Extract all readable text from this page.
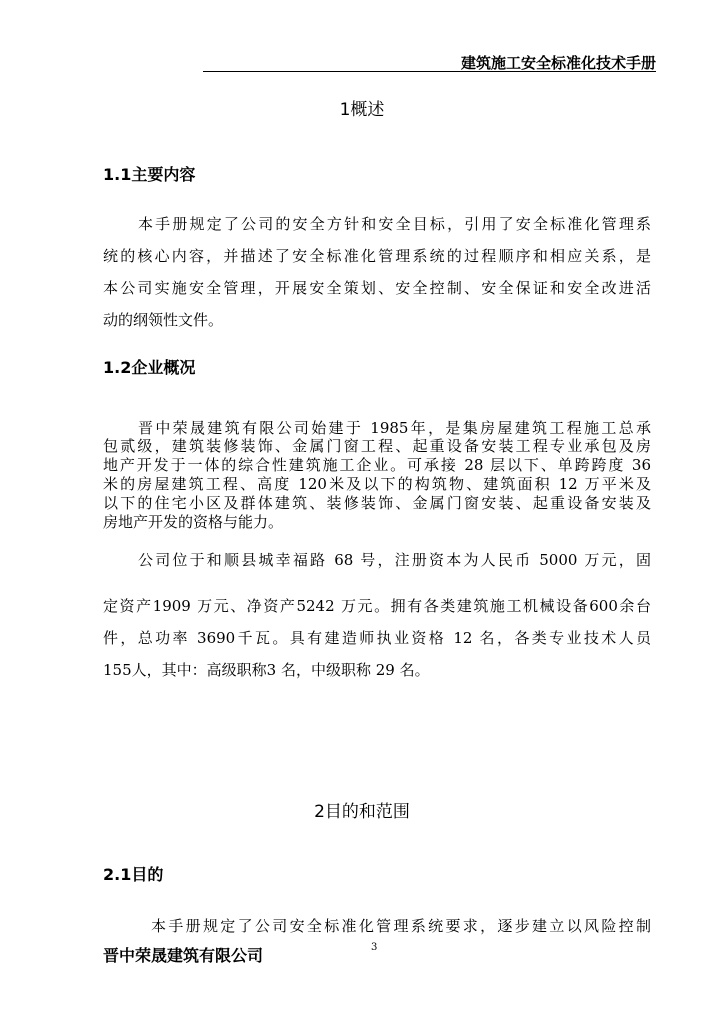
建筑施工安全标准化技术手册
1概述
1.1主要内容
本手册规定了公司的安全方针和安全目标，引用了安全标准化管理系
统的核心内容，并描述了安全标准化管理系统的过程顺序和相应关系，是
本公司实施安全管理，开展安全策划、安全控制、安全保证和安全改进活
动的纲领性文件。
1.2企业概况
晋中荣晟建筑有限公司始建于 1985年，是集房屋建筑工程施工总承
包贰级，建筑装修装饰、金属门窗工程、起重设备安装工程专业承包及房
地产开发于一体的综合性建筑施工企业。可承接 28 层以下、单跨跨度 36
米的房屋建筑工程、高度 120米及以下的构筑物、建筑面积 12 万平米及
以下的住宅小区及群体建筑、装修装饰、金属门窗安装、起重设备安装及
房地产开发的资格与能力。
公司位于和顺县城幸福路 68 号，注册资本为人民币 5000 万元，固
定资产1909 万元、净资产5242 万元。拥有各类建筑施工机械设备600余台
件，总功率 3690千瓦。具有建造师执业资格 12 名，各类专业技术人员
155人，其中：高级职称3 名，中级职称 29 名。
2目的和范围
2.1目的
本手册规定了公司安全标准化管理系统要求，逐步建立以风险控制
晋中荣晟建筑有限公司	3
